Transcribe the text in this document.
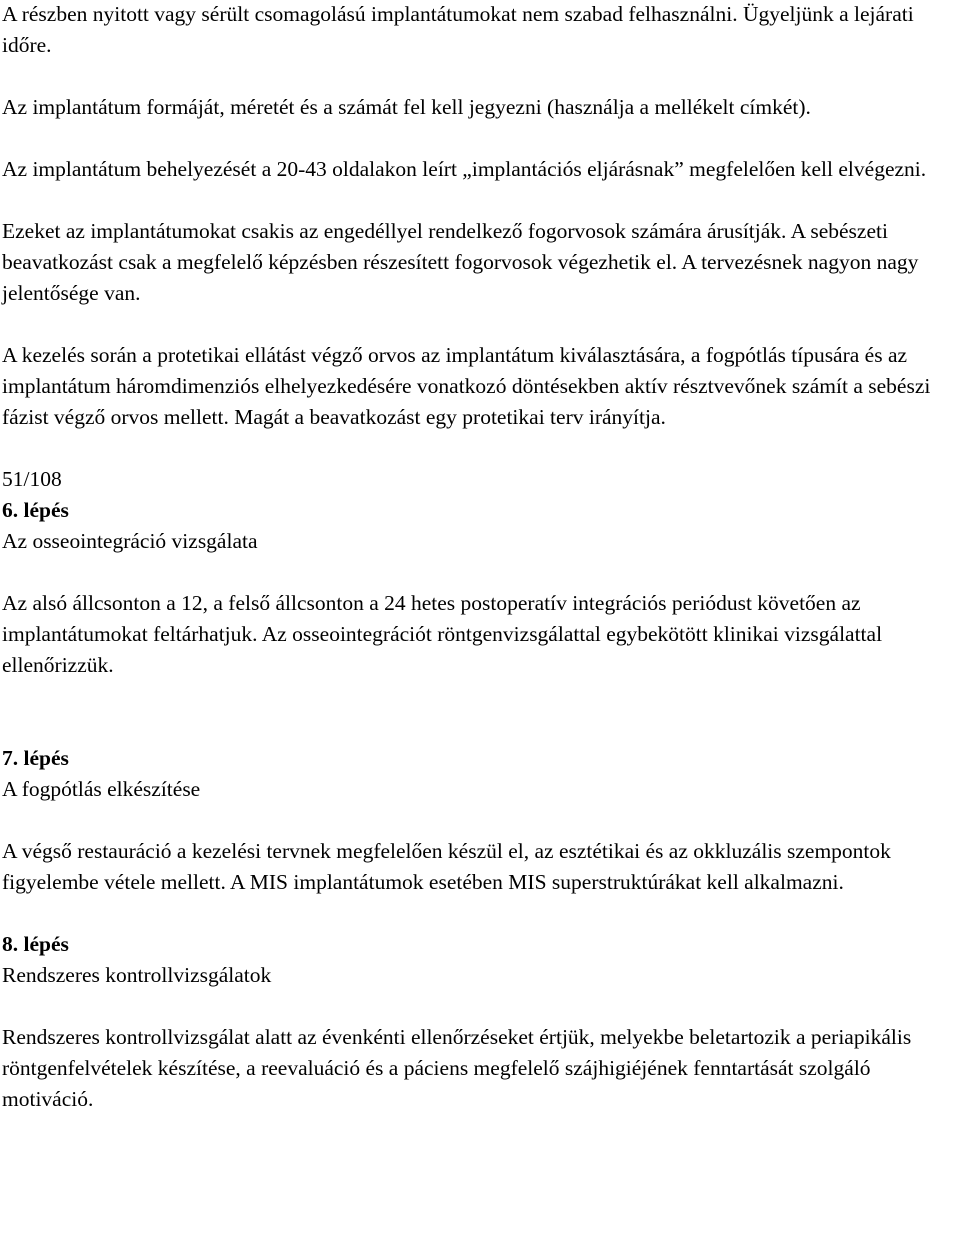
A részben nyitott vagy sérült csomagolású implantátumokat nem szabad felhasználni. Ügyeljünk a lejárati időre.

Az implantátum formáját, méretét és a számát fel kell jegyezni (használja a mellékelt címkét).

Az implantátum behelyezését a 20-43 oldalakon leírt „implantációs eljárásnak” megfelelően kell elvégezni.

Ezeket az implantátumokat csakis az engedéllyel rendelkező fogorvosok számára árusítják. A sebészeti beavatkozást csak a megfelelő képzésben részesített fogorvosok végezhetik el. A tervezésnek nagyon nagy jelentősége van.

A kezelés során a protetikai ellátást végző orvos az implantátum kiválasztására, a fogpótlás típusára és az implantátum háromdimenziós elhelyezkedésére vonatkozó döntésekben aktív résztvevőnek számít a sebészi fázist végző orvos mellett. Magát a beavatkozást egy protetikai terv irányítja.

51/108

6. lépés

Az osseointegráció vizsgálata

Az alsó állcsonton a 12, a felső állcsonton a 24 hetes postoperatív integrációs periódust követően az implantátumokat feltárhatjuk. Az osseointegrációt röntgenvizsgálattal egybekötött klinikai vizsgálattal ellenőrizzük.

7. lépés

A fogpótlás elkészítése

A végső restauráció a kezelési tervnek megfelelően készül el, az esztétikai és az okkluzális szempontok figyelembe vétele mellett. A MIS implantátumok esetében MIS superstruktúrákat kell alkalmazni.

8. lépés

Rendszeres kontrollvizsgálatok

Rendszeres kontrollvizsgálat alatt az évenkénti ellenőrzéseket értjük, melyekbe beletartozik a periapikális röntgenfelvételek készítése, a reevaluáció és a páciens megfelelő szájhigiéjének fenntartását szolgáló motiváció.
